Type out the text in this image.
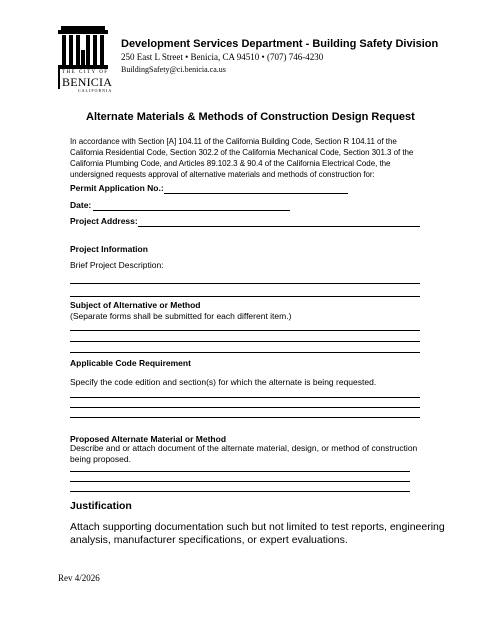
THE CITY OF
BENICIA
CALIFORNIA
Development Services Department - Building Safety Division
250 East L Street • Benicia, CA 94510 • (707) 746-4230
BuildingSafety@ci.benicia.ca.us
Alternate Materials & Methods of Construction Design Request
In accordance with Section [A] 104.11 of the California Building Code, Section R 104.11 of the
California Residential Code, Section 302.2 of the California Mechanical Code, Section 301.3 of the
California Plumbing Code, and Articles 89.102.3 & 90.4 of the California Electrical Code, the
undersigned requests approval of alternative materials and methods of construction for:
Permit Application No.:
Date:
Project Address:
Project Information
Brief Project Description:
Subject of Alternative or Method
(Separate forms shall be submitted for each different item.)
Applicable Code Requirement
Specify the code edition and section(s) for which the alternate is being requested.
Proposed Alternate Material or Method
Describe and or attach document of the alternate material, design, or method of construction
being proposed.
Justification
Attach supporting documentation such but not limited to test reports, engineering
analysis, manufacturer specifications, or expert evaluations.
Rev 4/2026
